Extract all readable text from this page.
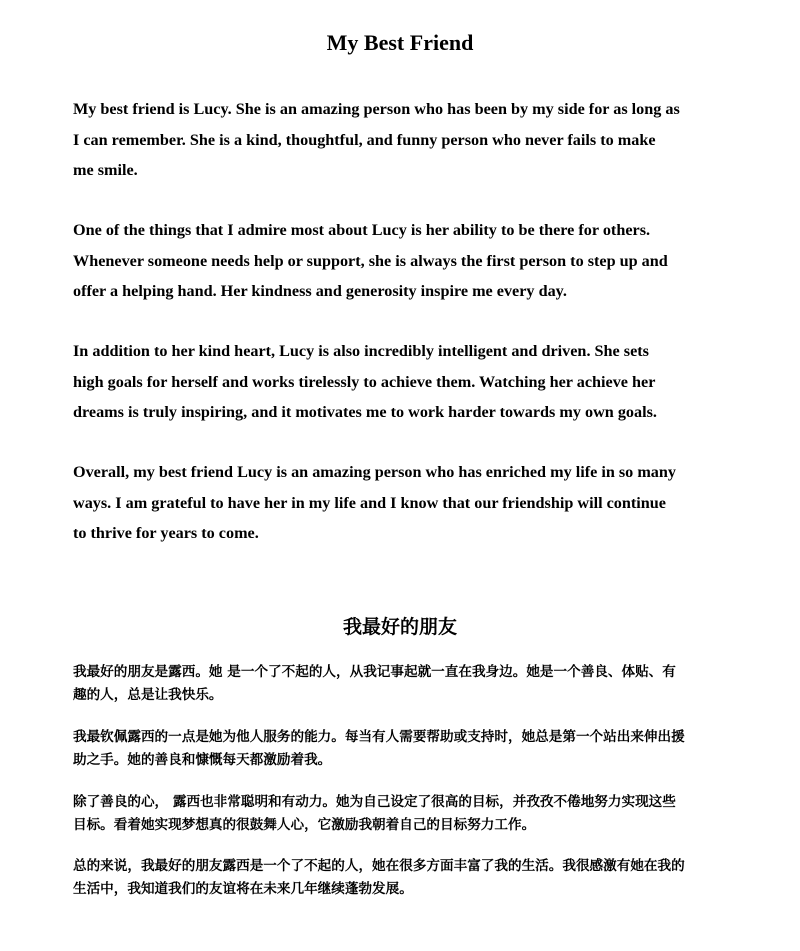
My Best Friend

My best friend is Lucy. She is an amazing person who has been by my side for as long as
I can remember. She is a kind, thoughtful, and funny person who never fails to make
me smile.

One of the things that I admire most about Lucy is her ability to be there for others.
Whenever someone needs help or support, she is always the first person to step up and
offer a helping hand. Her kindness and generosity inspire me every day.

In addition to her kind heart, Lucy is also incredibly intelligent and driven. She sets
high goals for herself and works tirelessly to achieve them. Watching her achieve her
dreams is truly inspiring, and it motivates me to work harder towards my own goals.

Overall, my best friend Lucy is an amazing person who has enriched my life in so many
ways. I am grateful to have her in my life and I know that our friendship will continue
to thrive for years to come.

我最好的朋友

我最好的朋友是露西。她 是一个了不起的人，从我记事起就一直在我身边。她是一个善良、体贴、有
趣的人，总是让我快乐。

我最钦佩露西的一点是她为他人服务的能力。每当有人需要帮助或支持时，她总是第一个站出来伸出援
助之手。她的善良和慷慨每天都激励着我。

除了善良的心， 露西也非常聪明和有动力。她为自己设定了很高的目标，并孜孜不倦地努力实现这些
目标。看着她实现梦想真的很鼓舞人心，它激励我朝着自己的目标努力工作。

总的来说，我最好的朋友露西是一个了不起的人，她在很多方面丰富了我的生活。我很感激有她在我的
生活中，我知道我们的友谊将在未来几年继续蓬勃发展。
